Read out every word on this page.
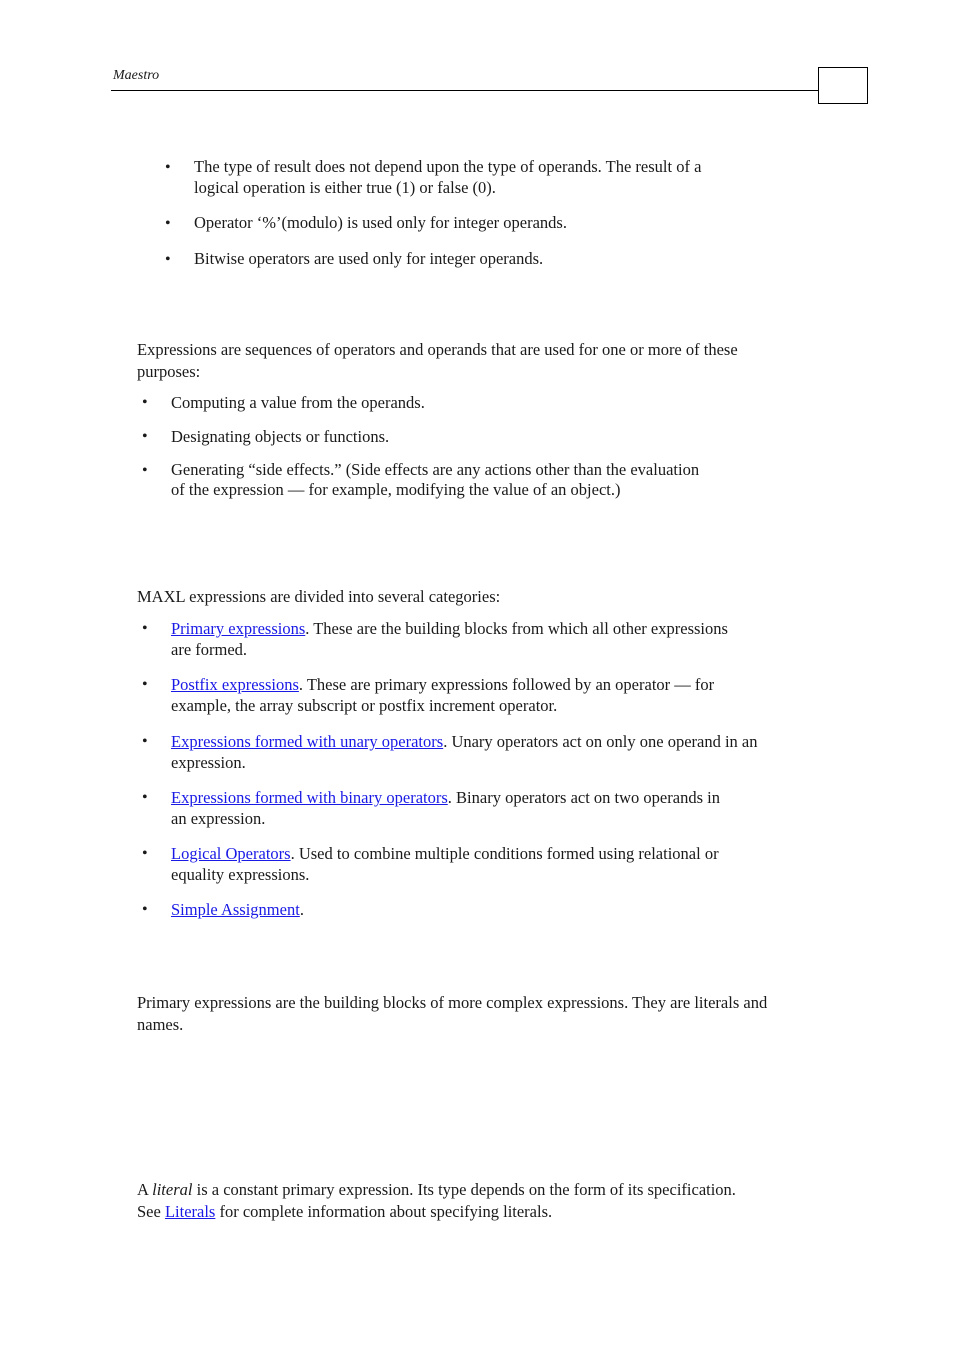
Maestro
• The type of result does not depend upon the type of operands. The result of a logical operation is either true (1) or false (0).
• Operator ‘%’(modulo) is used only for integer operands.
• Bitwise operators are used only for integer operands.
Expressions are sequences of operators and operands that are used for one or more of these purposes:
• Computing a value from the operands.
• Designating objects or functions.
• Generating “side effects.” (Side effects are any actions other than the evaluation of the expression — for example, modifying the value of an object.)
MAXL expressions are divided into several categories:
• Primary expressions. These are the building blocks from which all other expressions are formed.
• Postfix expressions. These are primary expressions followed by an operator — for example, the array subscript or postfix increment operator.
• Expressions formed with unary operators. Unary operators act on only one operand in an expression.
• Expressions formed with binary operators. Binary operators act on two operands in an expression.
• Logical Operators. Used to combine multiple conditions formed using relational or equality expressions.
• Simple Assignment.
Primary expressions are the building blocks of more complex expressions. They are literals and names.
A literal is a constant primary expression. Its type depends on the form of its specification. See Literals for complete information about specifying literals.
